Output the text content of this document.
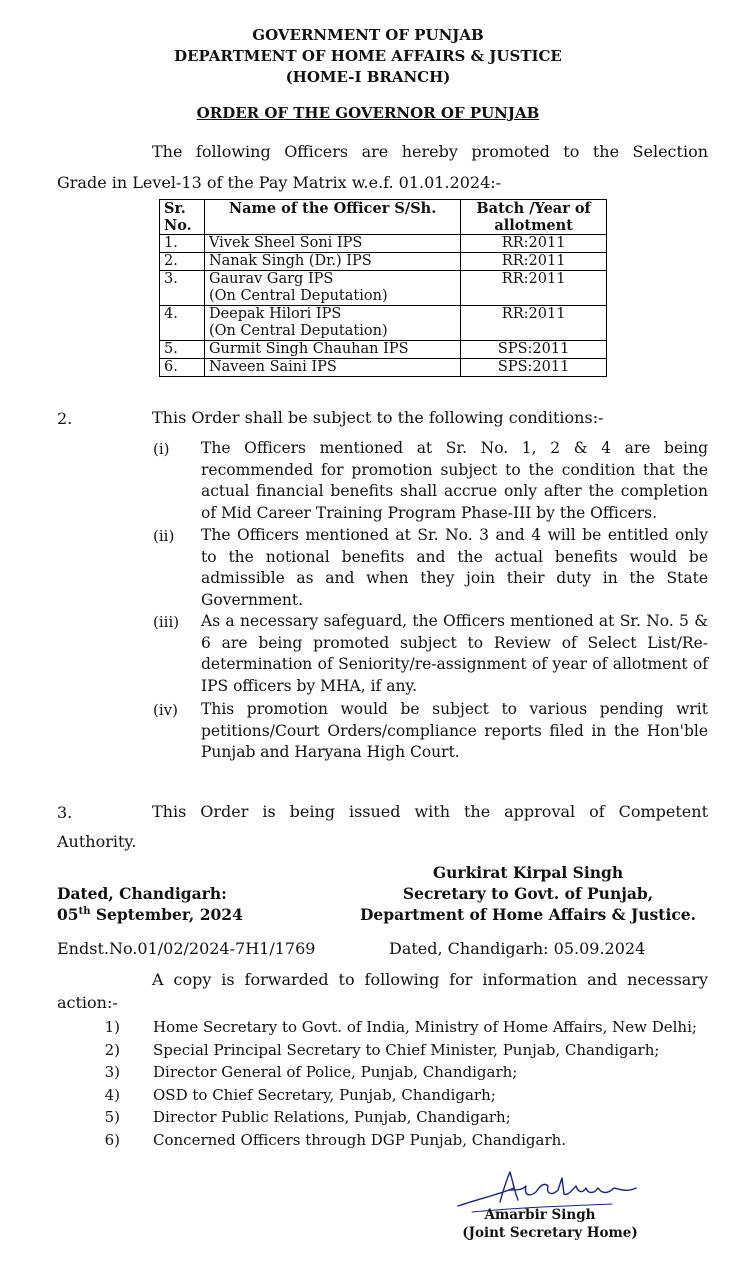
GOVERNMENT OF PUNJAB
DEPARTMENT OF HOME AFFAIRS & JUSTICE
(HOME-I BRANCH)
ORDER OF THE GOVERNOR OF PUNJAB
The following Officers are hereby promoted to the Selection
Grade in Level-13 of the Pay Matrix w.e.f. 01.01.2024:-
Sr. No.	Name of the Officer S/Sh.	Batch /Year of allotment
1.	Vivek Sheel Soni IPS	RR:2011
2.	Nanak Singh (Dr.) IPS	RR:2011
3.	Gaurav Garg IPS
(On Central Deputation)	RR:2011
4.	Deepak Hilori IPS
(On Central Deputation)	RR:2011
5.	Gurmit Singh Chauhan IPS	SPS:2011
6.	Naveen Saini IPS	SPS:2011
2.	This Order shall be subject to the following conditions:-
(i) The Officers mentioned at Sr. No. 1, 2 & 4 are being recommended for promotion subject to the condition that the actual financial benefits shall accrue only after the completion of Mid Career Training Program Phase-III by the Officers.
(ii) The Officers mentioned at Sr. No. 3 and 4 will be entitled only to the notional benefits and the actual benefits would be admissible as and when they join their duty in the State Government.
(iii) As a necessary safeguard, the Officers mentioned at Sr. No. 5 & 6 are being promoted subject to Review of Select List/Re-determination of Seniority/re-assignment of year of allotment of IPS officers by MHA, if any.
(iv) This promotion would be subject to various pending writ petitions/Court Orders/compliance reports filed in the Hon'ble Punjab and Haryana High Court.
3.	This Order is being issued with the approval of Competent
Authority.
Gurkirat Kirpal Singh
Secretary to Govt. of Punjab,
Department of Home Affairs & Justice.
Dated, Chandigarh:
05th September, 2024
Endst.No.01/02/2024-7H1/1769	Dated, Chandigarh: 05.09.2024
A copy is forwarded to following for information and necessary
action:-
1) Home Secretary to Govt. of India, Ministry of Home Affairs, New Delhi;
2) Special Principal Secretary to Chief Minister, Punjab, Chandigarh;
3) Director General of Police, Punjab, Chandigarh;
4) OSD to Chief Secretary, Punjab, Chandigarh;
5) Director Public Relations, Punjab, Chandigarh;
6) Concerned Officers through DGP Punjab, Chandigarh.
Amarbir Singh
(Joint Secretary Home)
